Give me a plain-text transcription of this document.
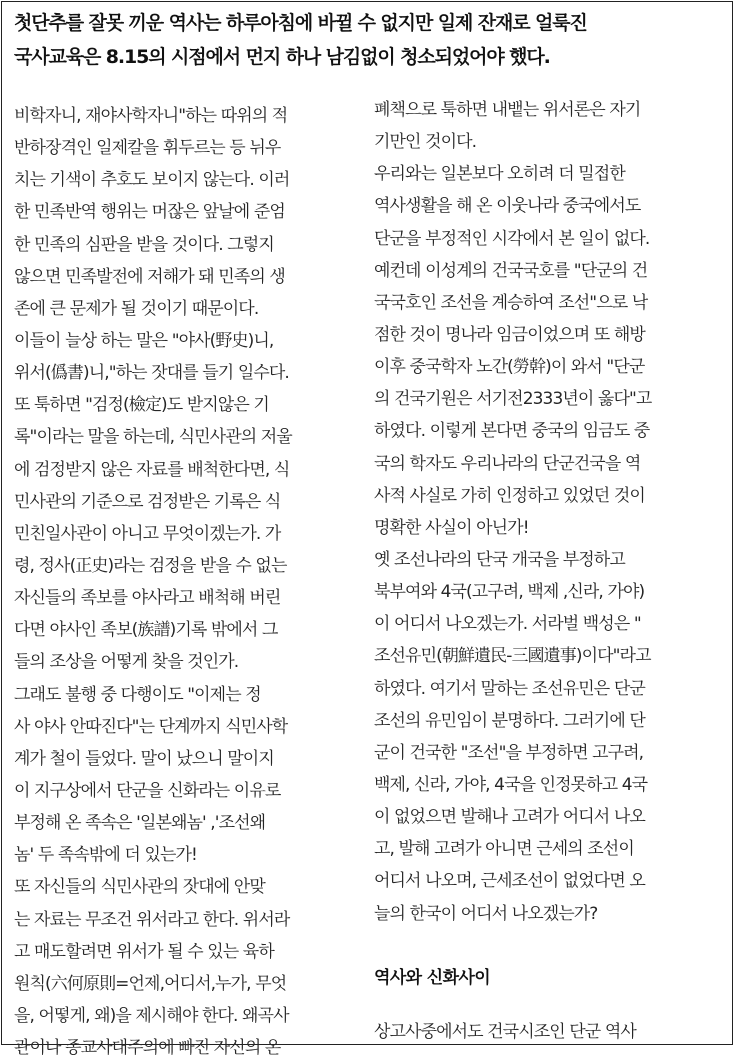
첫단추를 잘못 끼운 역사는 하루아침에 바뀔 수 없지만 일제 잔재로 얼룩진
국사교육은 8.15의 시점에서 먼지 하나 남김없이 청소되었어야 했다.
비학자니, 재야사학자니"하는 따위의 적
반하장격인 일제칼을 휘두르는 등 뉘우
치는 기색이 추호도 보이지 않는다. 이러
한 민족반역 행위는 머잖은 앞날에 준엄
한 민족의 심판을 받을 것이다. 그렇지
않으면 민족발전에 저해가 돼 민족의 생
존에 큰 문제가 될 것이기 때문이다.
이들이 늘상 하는 말은 "야사(野史)니,
위서(僞書)니,"하는 잣대를 들기 일수다.
또 툭하면 "검정(檢定)도 받지않은 기
록"이라는 말을 하는데, 식민사관의 저울
에 검정받지 않은 자료를 배척한다면, 식
민사관의 기준으로 검정받은 기록은 식
민친일사관이 아니고 무엇이겠는가. 가
령, 정사(正史)라는 검정을 받을 수 없는
자신들의 족보를 야사라고 배척해 버린
다면 야사인 족보(族譜)기록 밖에서 그
들의 조상을 어떻게 찾을 것인가.
그래도 불행 중 다행이도 "이제는 정
사 야사 안따진다"는 단계까지 식민사학
계가 철이 들었다. 말이 났으니 말이지
이 지구상에서 단군을 신화라는 이유로
부정해 온 족속은 '일본왜놈' ,'조선왜
놈' 두 족속밖에 더 있는가!
또 자신들의 식민사관의 잣대에 안맞
는 자료는 무조건 위서라고 한다. 위서라
고 매도할려면 위서가 될 수 있는 육하
원칙(六何原則=언제,어디서,누가, 무엇
을, 어떻게, 왜)을 제시해야 한다. 왜곡사
관이나 종교사대주의에 빠진 자신의 온
폐책으로 툭하면 내뱉는 위서론은 자기
기만인 것이다.
우리와는 일본보다 오히려 더 밀접한
역사생활을 해 온 이웃나라 중국에서도
단군을 부정적인 시각에서 본 일이 없다.
예컨데 이성계의 건국국호를 "단군의 건
국국호인 조선을 계승하여 조선"으로 낙
점한 것이 명나라 임금이었으며 또 해방
이후 중국학자 노간(勞幹)이 와서 "단군
의 건국기원은 서기전2333년이 옳다"고
하였다. 이렇게 본다면 중국의 임금도 중
국의 학자도 우리나라의 단군건국을 역
사적 사실로 가히 인정하고 있었던 것이
명확한 사실이 아닌가!
옛 조선나라의 단국 개국을 부정하고
북부여와 4국(고구려, 백제 ,신라, 가야)
이 어디서 나오겠는가. 서라벌 백성은 "
조선유민(朝鮮遺民-三國遺事)이다"라고
하였다. 여기서 말하는 조선유민은 단군
조선의 유민임이 분명하다. 그러기에 단
군이 건국한 "조선"을 부정하면 고구려,
백제, 신라, 가야, 4국을 인정못하고 4국
이 없었으면 발해나 고려가 어디서 나오
고, 발해 고려가 아니면 근세의 조선이
어디서 나오며, 근세조선이 없었다면 오
늘의 한국이 어디서 나오겠는가?
역사와 신화사이
상고사중에서도 건국시조인 단군 역사
